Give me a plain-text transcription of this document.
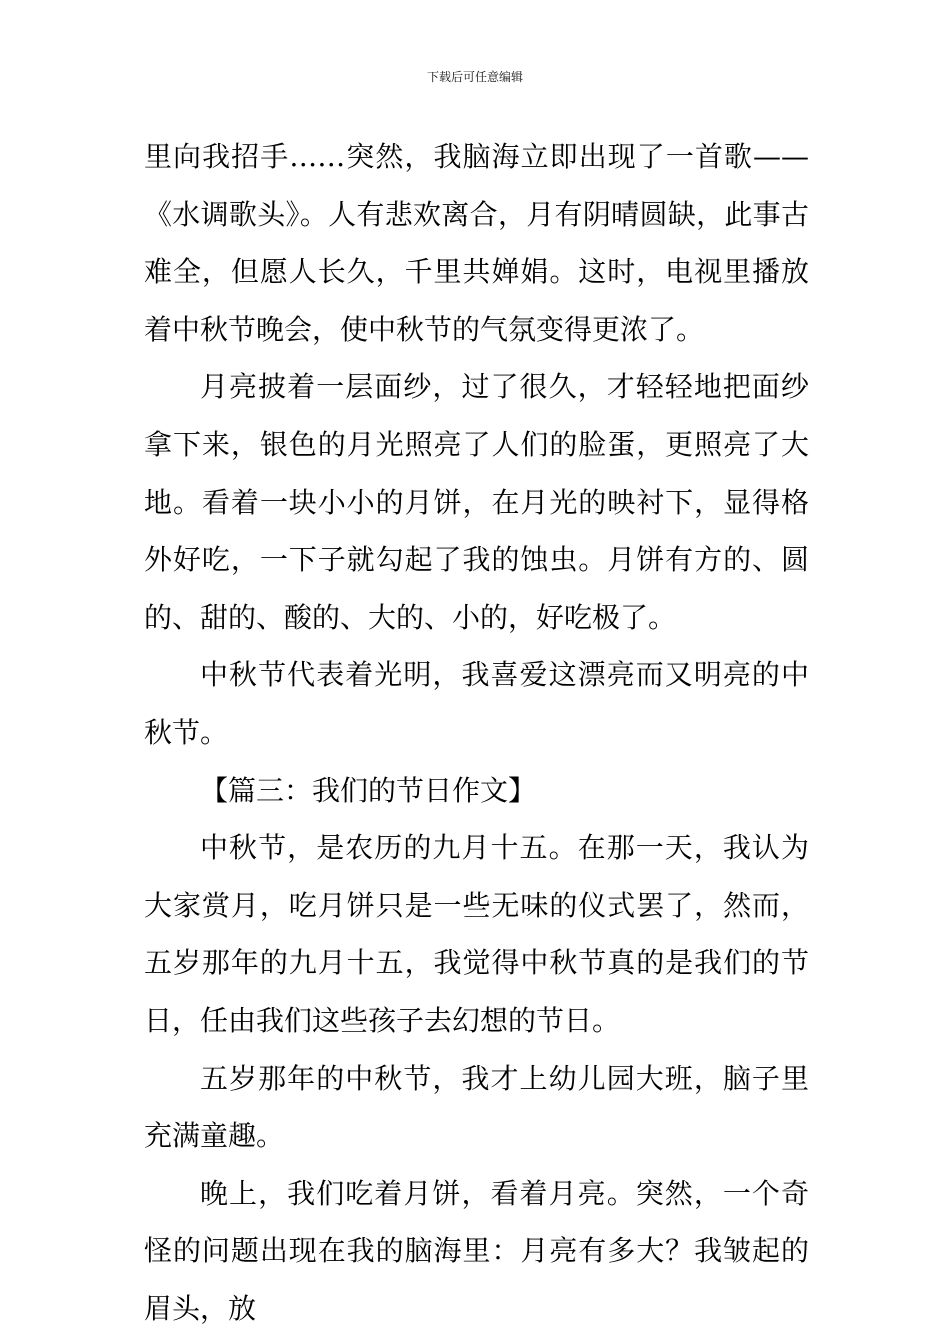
下载后可任意编辑

里向我招手……突然，我脑海立即出现了一首歌——《水调歌头》。人有悲欢离合，月有阴晴圆缺，此事古难全，但愿人长久，千里共婵娟。这时，电视里播放着中秋节晚会，使中秋节的气氛变得更浓了。

月亮披着一层面纱，过了很久，才轻轻地把面纱拿下来，银色的月光照亮了人们的脸蛋，更照亮了大地。看着一块小小的月饼，在月光的映衬下，显得格外好吃，一下子就勾起了我的蚀虫。月饼有方的、圆的、甜的、酸的、大的、小的，好吃极了。

中秋节代表着光明，我喜爱这漂亮而又明亮的中秋节。

【篇三：我们的节日作文】

中秋节，是农历的九月十五。在那一天，我认为大家赏月，吃月饼只是一些无味的仪式罢了，然而，五岁那年的九月十五，我觉得中秋节真的是我们的节日，任由我们这些孩子去幻想的节日。

五岁那年的中秋节，我才上幼儿园大班，脑子里充满童趣。

晚上，我们吃着月饼，看着月亮。突然，一个奇怪的问题出现在我的脑海里：月亮有多大？我皱起的眉头，放
